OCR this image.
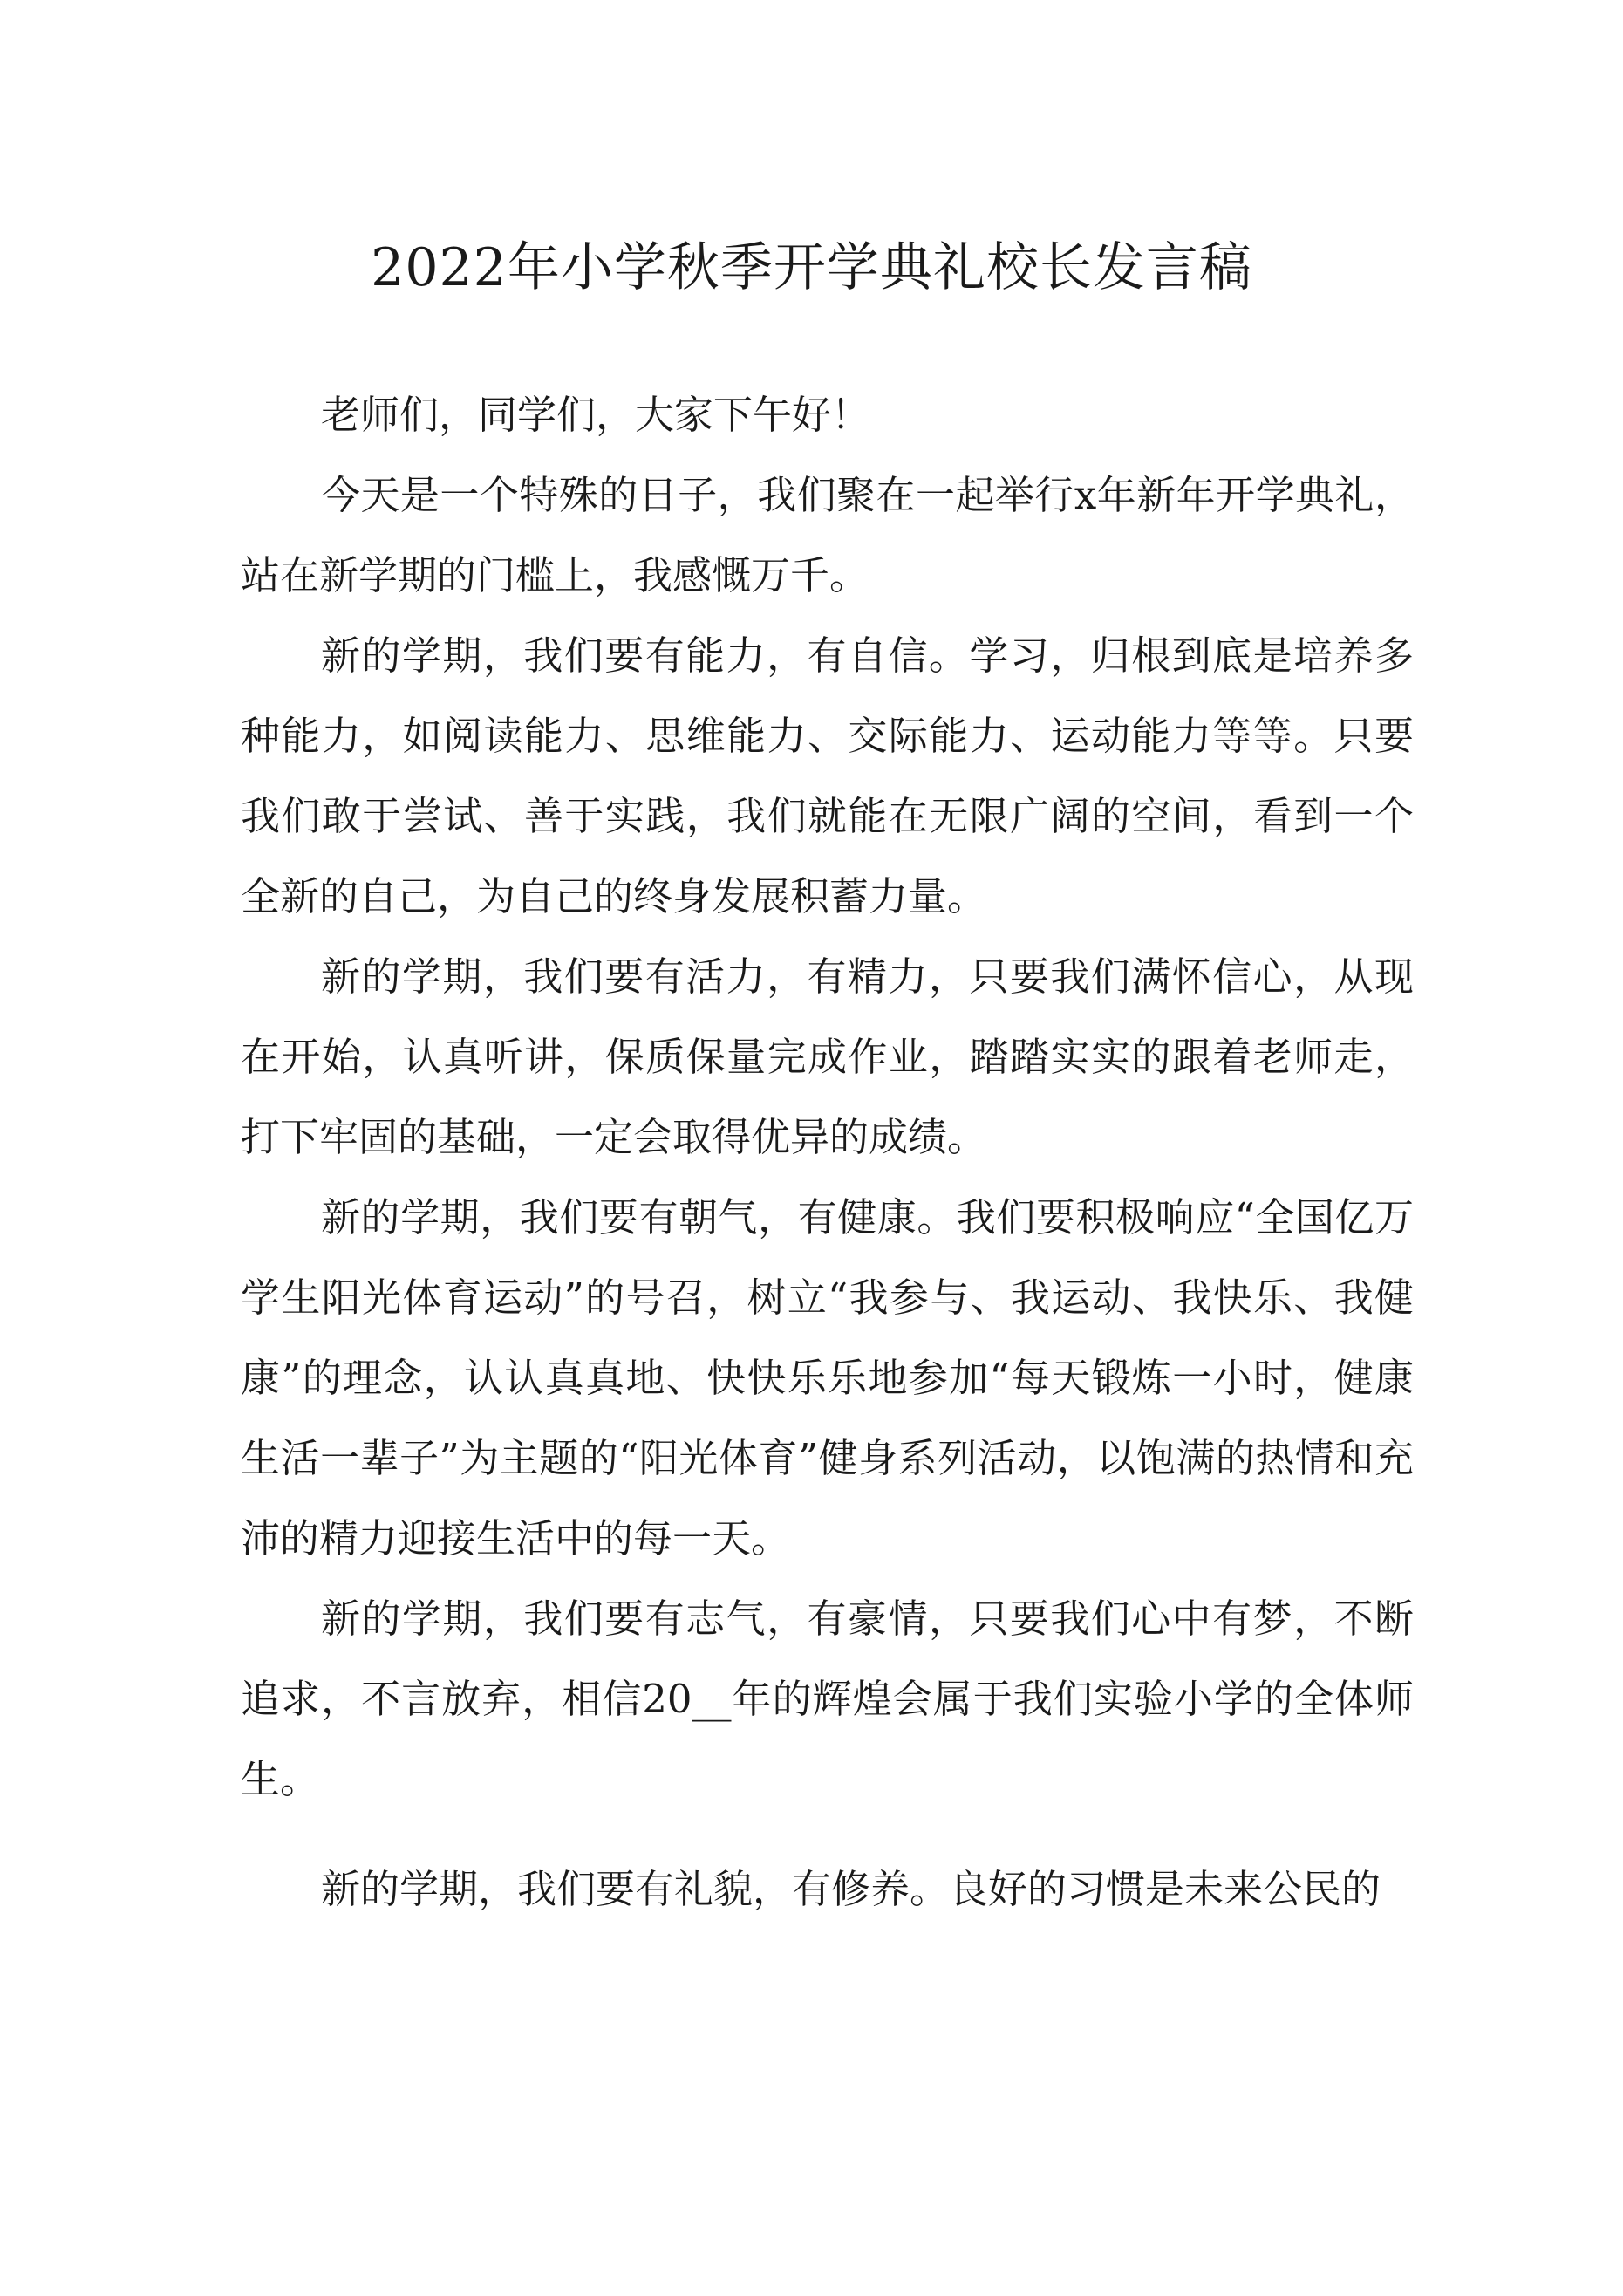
2022年小学秋季开学典礼校长发言稿

老师们，同学们，大家下午好！

今天是一个特殊的日子，我们聚在一起举行x年新年开学典礼，站在新学期的门槛上，我感慨万千。

新的学期，我们要有能力，有自信。学习，归根到底是培养多种能力，如阅读能力、思维能力、交际能力、运动能力等等。只要我们敢于尝试、善于实践，我们就能在无限广阔的空间，看到一个全新的自己，为自己的终身发展积蓄力量。

新的学期，我们要有活力，有精力，只要我们满怀信心，从现在开始，认真听讲，保质保量完成作业，踏踏实实的跟着老师走，打下牢固的基础，一定会取得优异的成绩。

新的学期，我们要有朝气，有健康。我们要积极响应“全国亿万学生阳光体育运动”的号召，树立“我参与、我运动、我快乐、我健康”的理念，认认真真地、快快乐乐地参加“每天锻炼一小时，健康生活一辈子”为主题的“阳光体育”健身系列活动，以饱满的热情和充沛的精力迎接生活中的每一天。

新的学期，我们要有志气，有豪情，只要我们心中有梦，不断追求，不言放弃，相信20__年的辉煌会属于我们实验小学的全体师生。

新的学期，我们要有礼貌，有修养。良好的习惯是未来公民的
